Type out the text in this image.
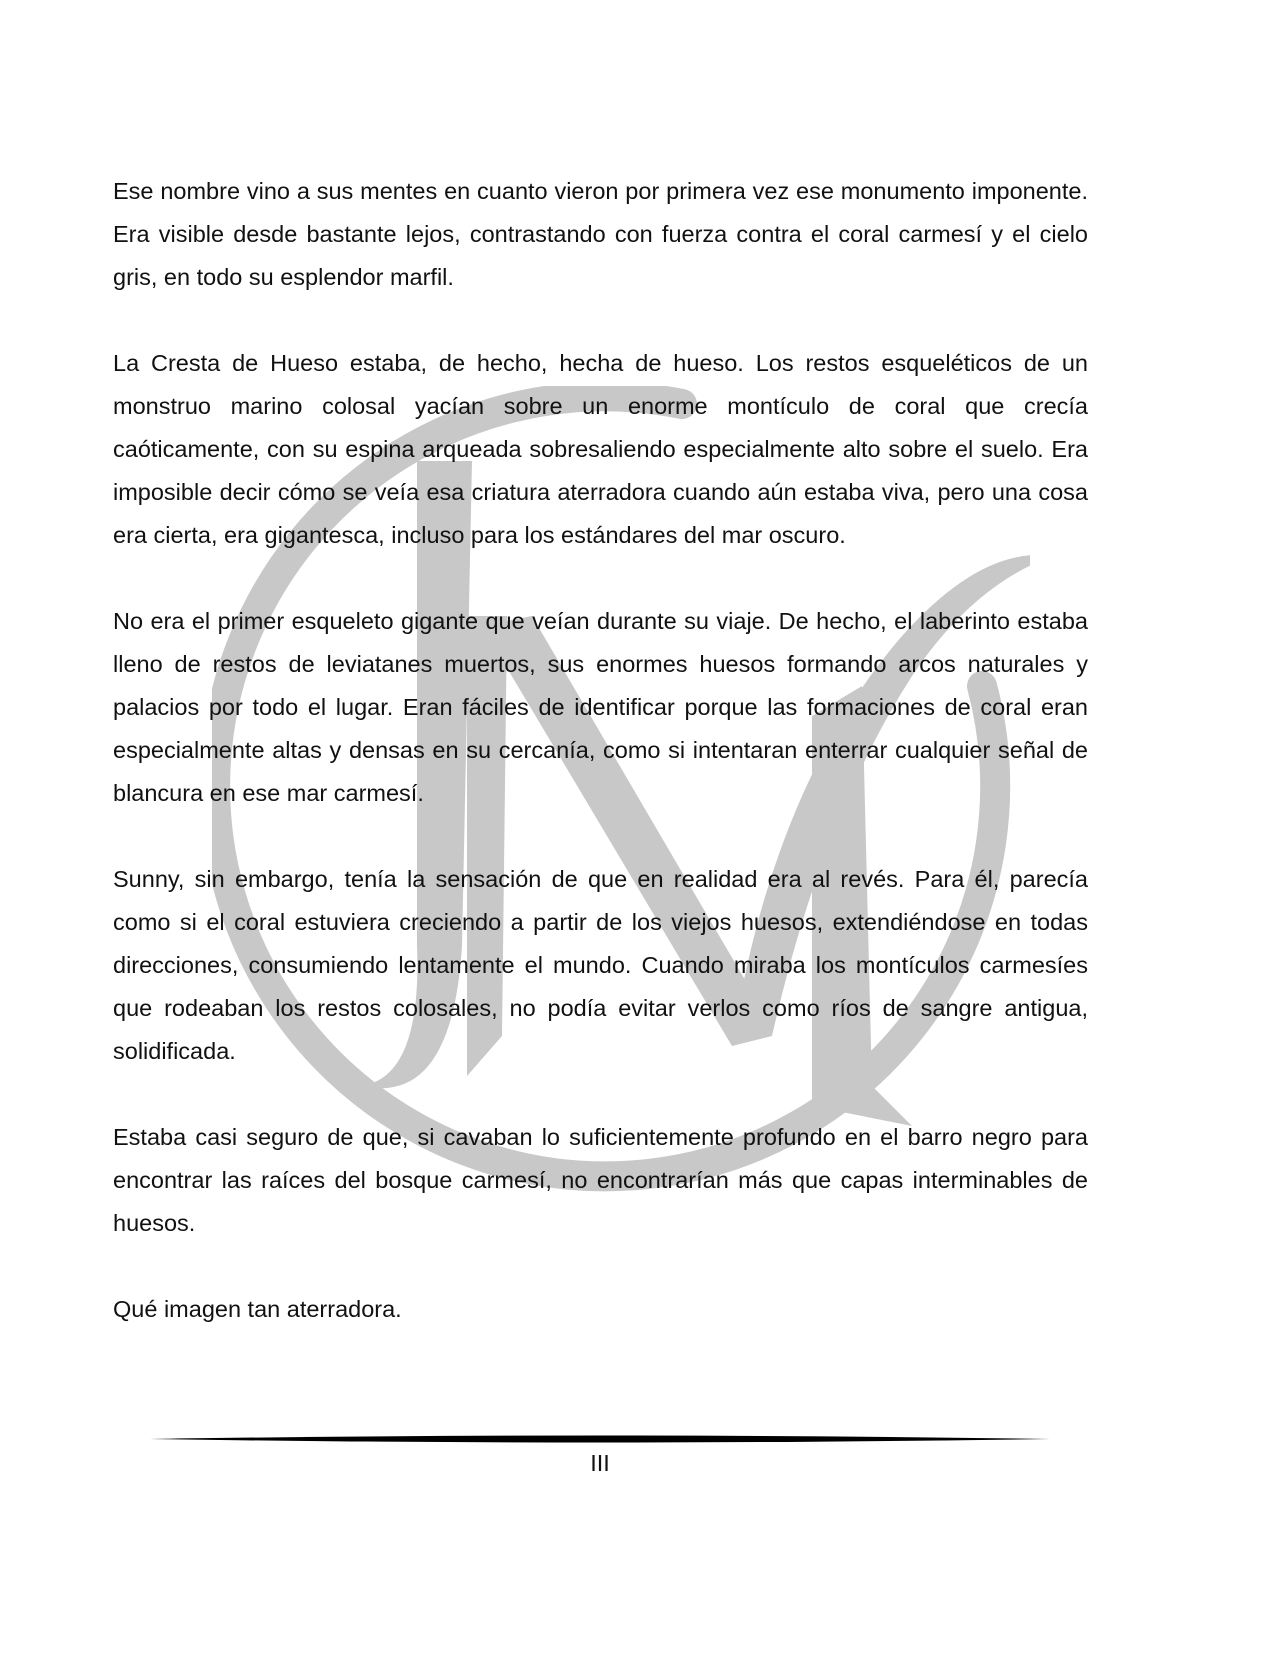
Ese nombre vino a sus mentes en cuanto vieron por primera vez ese monumento imponente. Era visible desde bastante lejos, contrastando con fuerza contra el coral carmesí y el cielo gris, en todo su esplendor marfil.

La Cresta de Hueso estaba, de hecho, hecha de hueso. Los restos esqueléticos de un monstruo marino colosal yacían sobre un enorme montículo de coral que crecía caóticamente, con su espina arqueada sobresaliendo especialmente alto sobre el suelo. Era imposible decir cómo se veía esa criatura aterradora cuando aún estaba viva, pero una cosa era cierta, era gigantesca, incluso para los estándares del mar oscuro.

No era el primer esqueleto gigante que veían durante su viaje. De hecho, el laberinto estaba lleno de restos de leviatanes muertos, sus enormes huesos formando arcos naturales y palacios por todo el lugar. Eran fáciles de identificar porque las formaciones de coral eran especialmente altas y densas en su cercanía, como si intentaran enterrar cualquier señal de blancura en ese mar carmesí.

Sunny, sin embargo, tenía la sensación de que en realidad era al revés. Para él, parecía como si el coral estuviera creciendo a partir de los viejos huesos, extendiéndose en todas direcciones, consumiendo lentamente el mundo. Cuando miraba los montículos carmesíes que rodeaban los restos colosales, no podía evitar verlos como ríos de sangre antigua, solidificada.

Estaba casi seguro de que, si cavaban lo suficientemente profundo en el barro negro para encontrar las raíces del bosque carmesí, no encontrarían más que capas interminables de huesos.

Qué imagen tan aterradora.

III
